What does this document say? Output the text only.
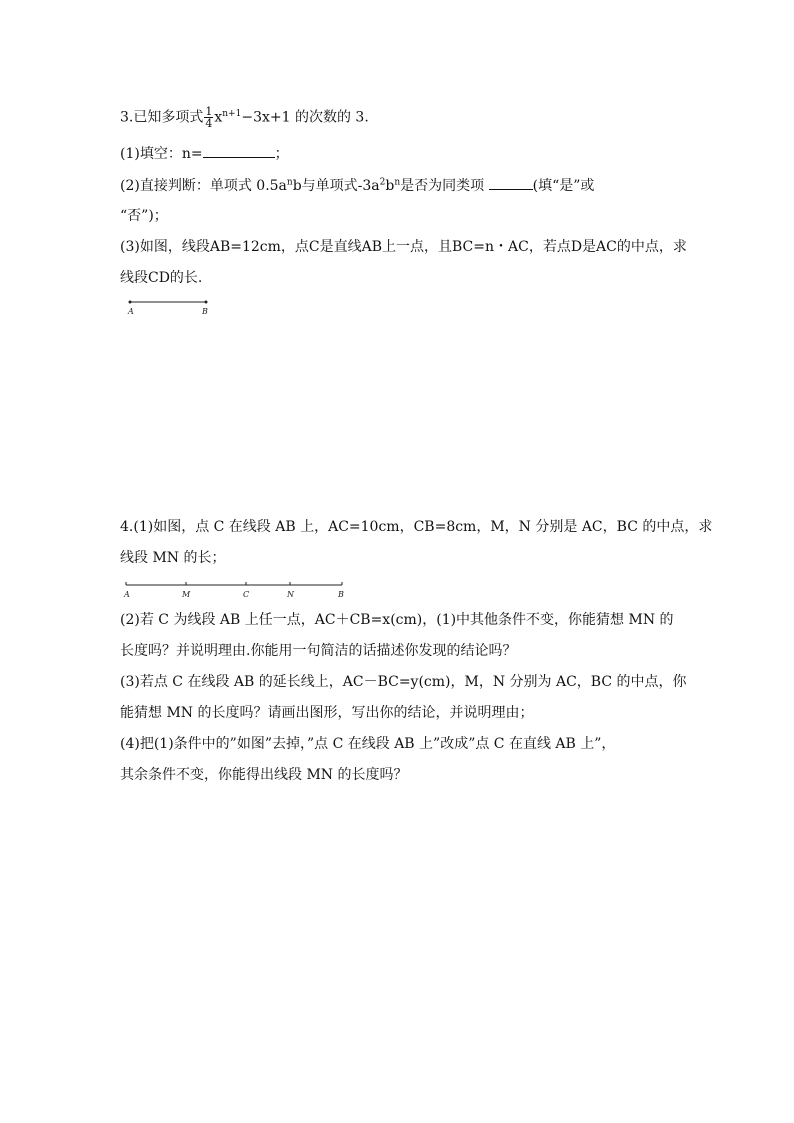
3.已知多项式 $\frac{1}{4} x^{n+1}-3x+1$ 的次数的 3.
(1)填空：n=	；
(2)直接判断：单项式 $0.5a^nb$与单项式$-3a^2b^n$是否为同类项	(填“是”或
“否”)；
(3)如图，线段AB=12cm，点C是直线AB上一点，且BC=n・AC，若点D是AC的中点，求
线段CD的长.
A	B
4.(1)如图，点 C 在线段 AB 上，AC=10cm，CB=8cm，M，N 分别是 AC，BC 的中点，求
线段 MN 的长；
A	M	C	N	B
(2)若 C 为线段 AB 上任一点，AC＋CB=x(cm)，(1)中其他条件不变，你能猜想 MN 的
长度吗？并说明理由.你能用一句简洁的话描述你发现的结论吗？
(3)若点 C 在线段 AB 的延长线上，AC－BC=y(cm)，M，N 分别为 AC，BC 的中点，你
能猜想 MN 的长度吗？请画出图形，写出你的结论，并说明理由；
(4)把(1)条件中的”如图”去掉，”点 C 在线段 AB 上”改成”点 C 在直线 AB 上”，
其余条件不变，你能得出线段 MN 的长度吗？
